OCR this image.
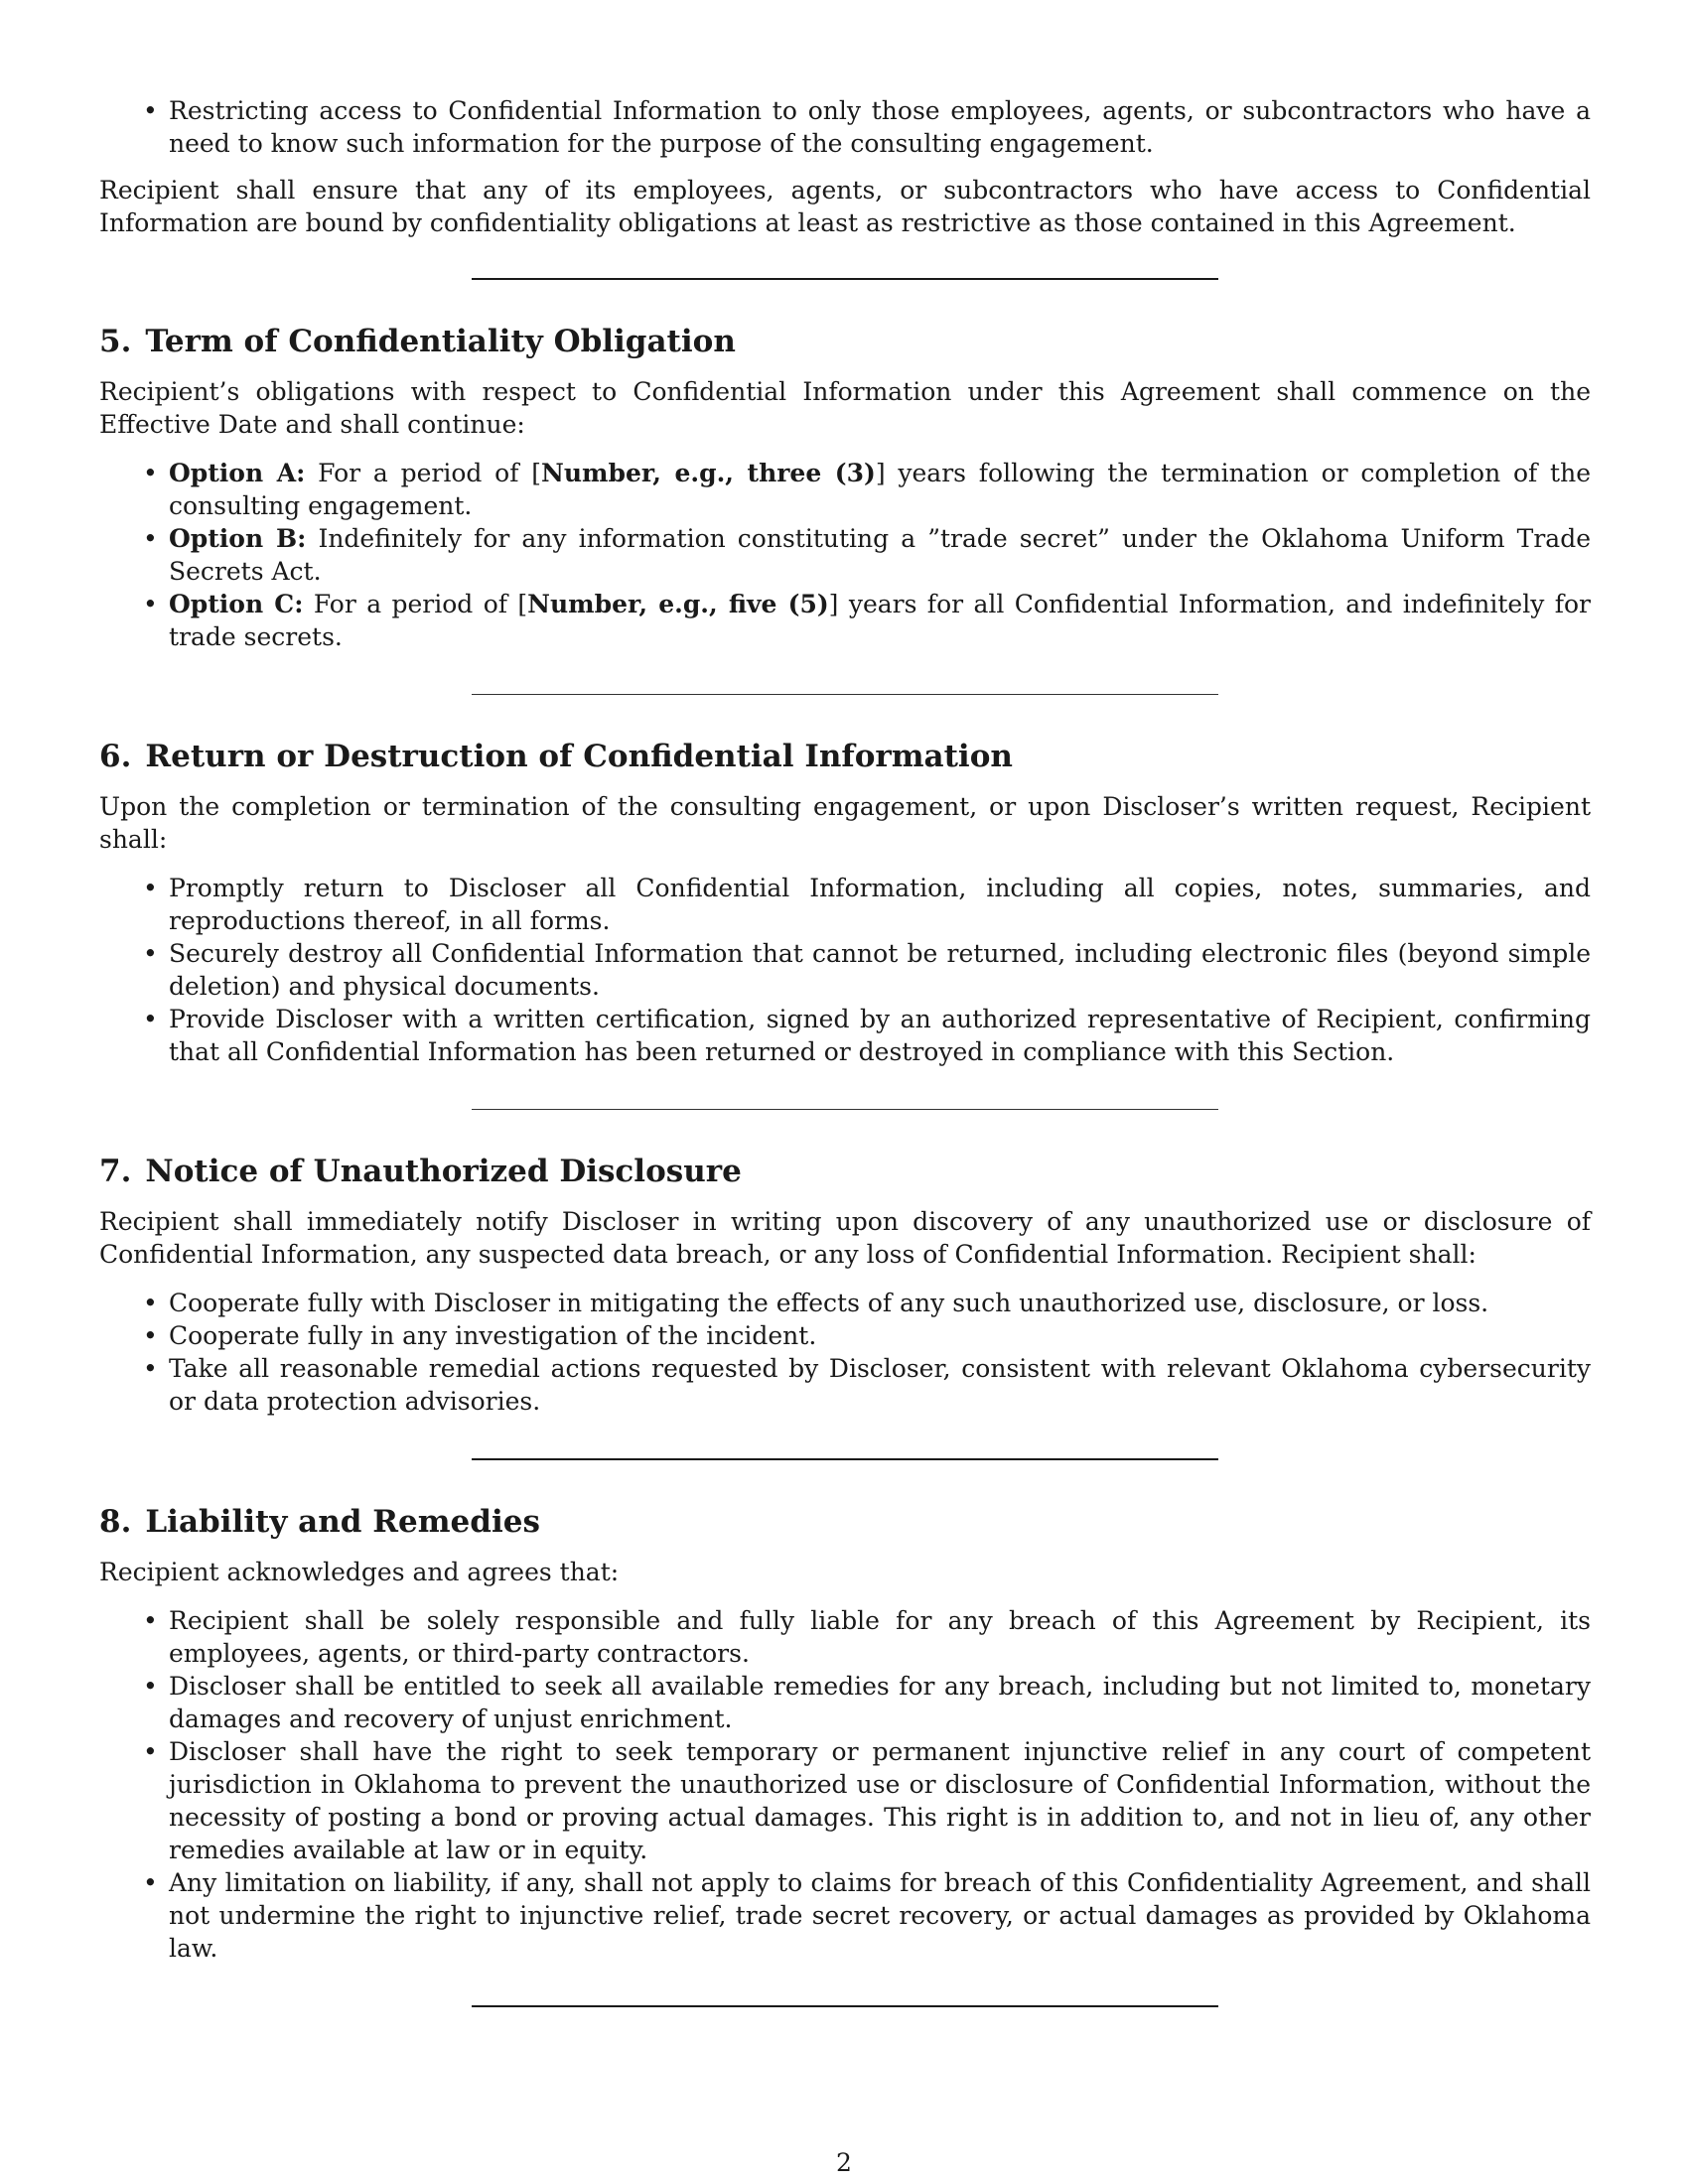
• Restricting access to Confidential Information to only those employees, agents, or subcontractors who have a need to know such information for the purpose of the consulting engagement.

Recipient shall ensure that any of its employees, agents, or subcontractors who have access to Confidential Information are bound by confidentiality obligations at least as restrictive as those contained in this Agreement.

5. Term of Confidentiality Obligation

Recipient’s obligations with respect to Confidential Information under this Agreement shall commence on the Effective Date and shall continue:

• Option A: For a period of [Number, e.g., three (3)] years following the termination or completion of the consulting engagement.
• Option B: Indefinitely for any information constituting a ”trade secret” under the Oklahoma Uniform Trade Secrets Act.
• Option C: For a period of [Number, e.g., five (5)] years for all Confidential Information, and indefinitely for trade secrets.
6. Return or Destruction of Confidential Information

Upon the completion or termination of the consulting engagement, or upon Discloser’s written request, Recipient shall:

• Promptly return to Discloser all Confidential Information, including all copies, notes, summaries, and reproductions thereof, in all forms.
• Securely destroy all Confidential Information that cannot be returned, including electronic files (beyond simple deletion) and physical documents.
• Provide Discloser with a written certification, signed by an authorized representative of Recipient, confirming that all Confidential Information has been returned or destroyed in compliance with this Section.
7. Notice of Unauthorized Disclosure

Recipient shall immediately notify Discloser in writing upon discovery of any unauthorized use or disclosure of Confidential Information, any suspected data breach, or any loss of Confidential Information. Recipient shall:

• Cooperate fully with Discloser in mitigating the effects of any such unauthorized use, disclosure, or loss.
• Cooperate fully in any investigation of the incident.
• Take all reasonable remedial actions requested by Discloser, consistent with relevant Oklahoma cybersecurity or data protection advisories.
8. Liability and Remedies

Recipient acknowledges and agrees that:

• Recipient shall be solely responsible and fully liable for any breach of this Agreement by Recipient, its employees, agents, or third-party contractors.
• Discloser shall be entitled to seek all available remedies for any breach, including but not limited to, monetary damages and recovery of unjust enrichment.
• Discloser shall have the right to seek temporary or permanent injunctive relief in any court of competent jurisdiction in Oklahoma to prevent the unauthorized use or disclosure of Confidential Information, without the necessity of posting a bond or proving actual damages. This right is in addition to, and not in lieu of, any other remedies available at law or in equity.
• Any limitation on liability, if any, shall not apply to claims for breach of this Confidentiality Agreement, and shall not undermine the right to injunctive relief, trade secret recovery, or actual damages as provided by Oklahoma law.
2
